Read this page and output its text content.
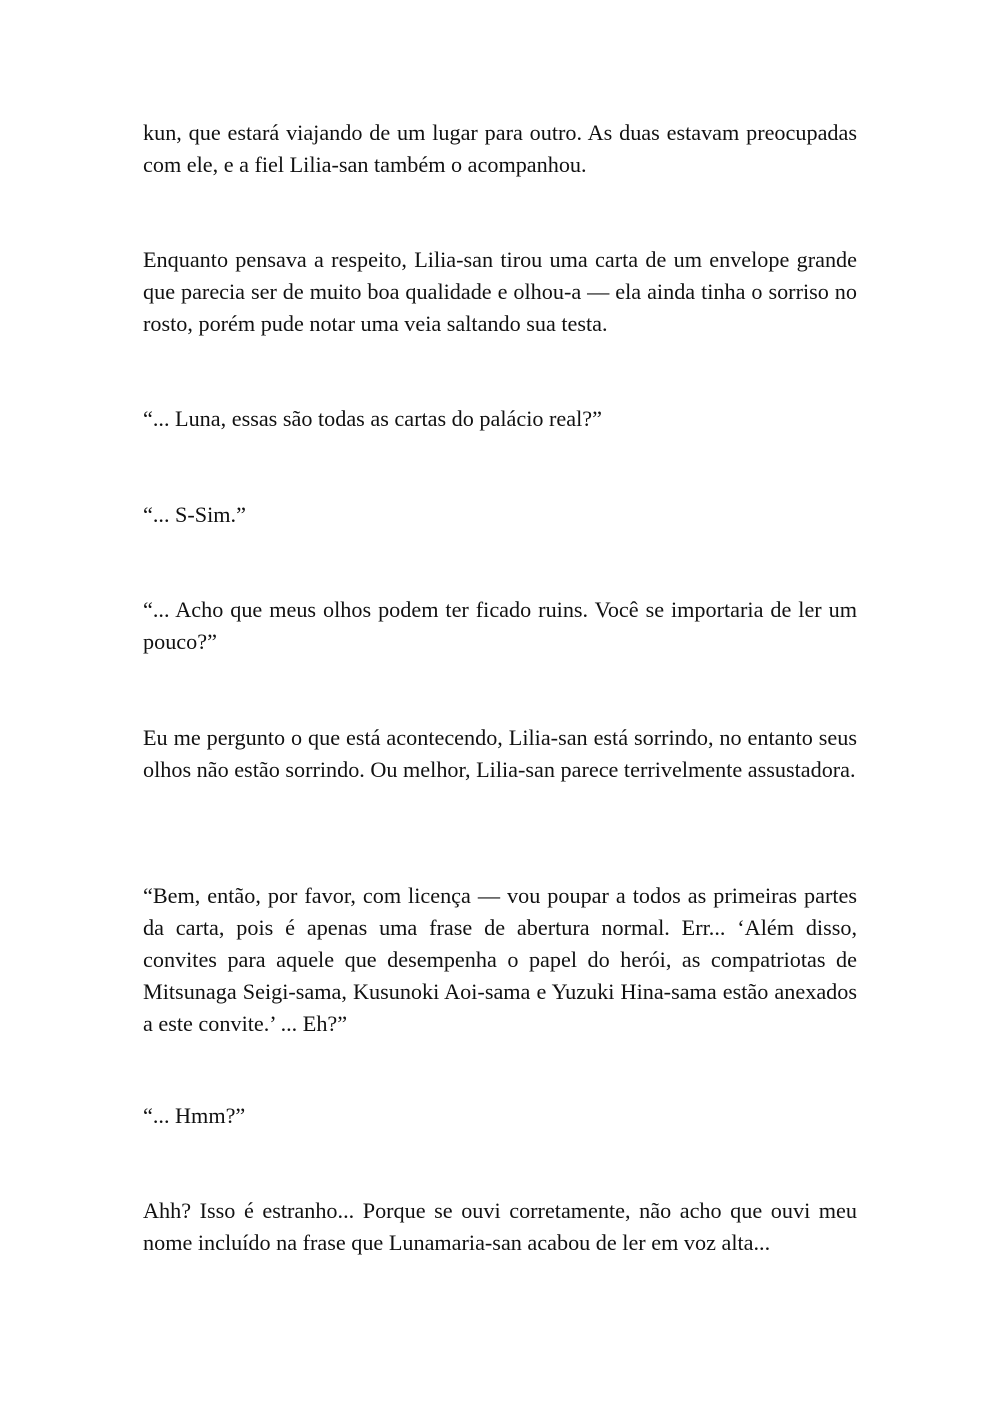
kun, que estará viajando de um lugar para outro. As duas estavam preocupadas com ele, e a fiel Lilia-san também o acompanhou.

Enquanto pensava a respeito, Lilia-san tirou uma carta de um envelope grande que parecia ser de muito boa qualidade e olhou-a — ela ainda tinha o sorriso no rosto, porém pude notar uma veia saltando sua testa.

“... Luna, essas são todas as cartas do palácio real?”

“... S-Sim.”

“... Acho que meus olhos podem ter ficado ruins. Você se importaria de ler um pouco?”

Eu me pergunto o que está acontecendo, Lilia-san está sorrindo, no entanto seus olhos não estão sorrindo. Ou melhor, Lilia-san parece terrivelmente assustadora.

“Bem, então, por favor, com licença — vou poupar a todos as primeiras partes da carta, pois é apenas uma frase de abertura normal. Err... ‘Além disso, convites para aquele que desempenha o papel do herói, as compatriotas de Mitsunaga Seigi-sama, Kusunoki Aoi-sama e Yuzuki Hina-sama estão anexados a este convite.’ ... Eh?”

“... Hmm?”

Ahh? Isso é estranho... Porque se ouvi corretamente, não acho que ouvi meu nome incluído na frase que Lunamaria-san acabou de ler em voz alta...
